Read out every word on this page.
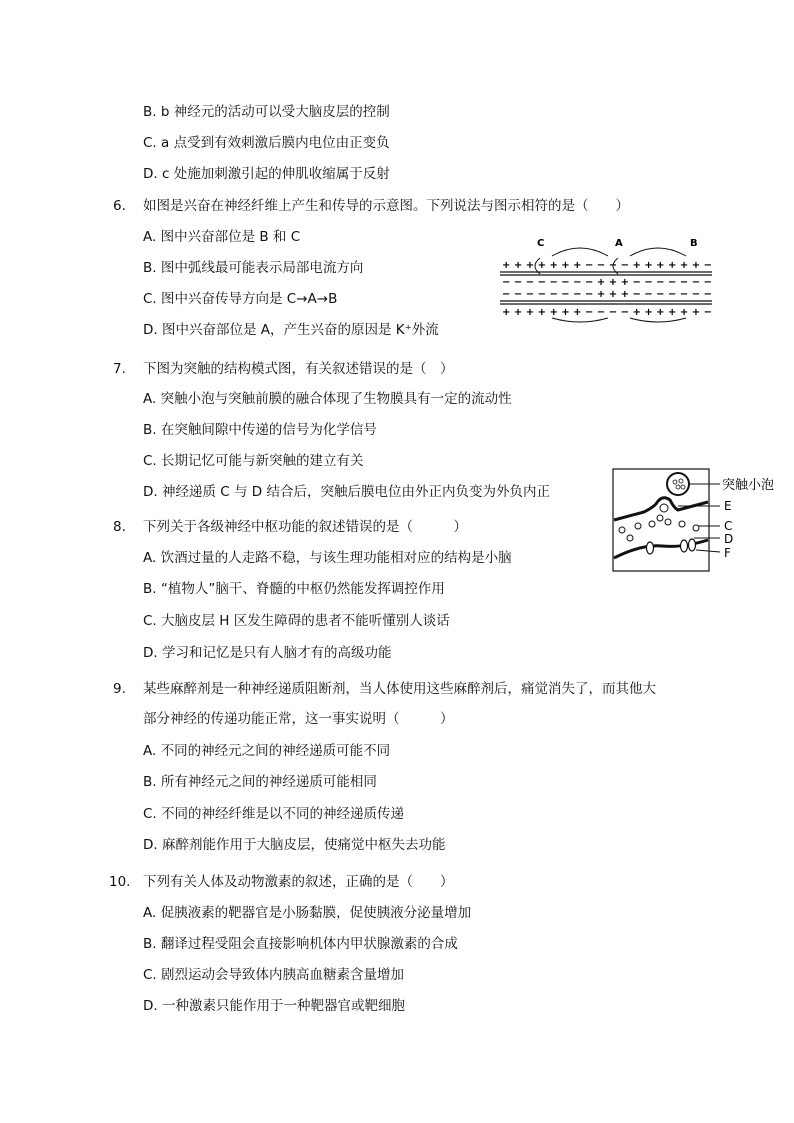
B. b 神经元的活动可以受大脑皮层的控制
C. a 点受到有效刺激后膜内电位由正变负
D. c 处施加刺激引起的伸肌收缩属于反射
6. 如图是兴奋在神经纤维上产生和传导的示意图。下列说法与图示相符的是（　　）
A. 图中兴奋部位是 B 和 C
B. 图中弧线最可能表示局部电流方向
C. 图中兴奋传导方向是 C→A→B
D. 图中兴奋部位是 A，产生兴奋的原因是 K⁺外流
C	A	B
+ + + + + + + − − − − + + + + + + −
− − − − − − − − + + + − − − − − − −
− − − − − − − − + + + − − − − − − −
+ + + + + + + − − − − + + + + + + −
7. 下图为突触的结构模式图，有关叙述错误的是（　）
A. 突触小泡与突触前膜的融合体现了生物膜具有一定的流动性
B. 在突触间隙中传递的信号为化学信号
C. 长期记忆可能与新突触的建立有关
D. 神经递质 C 与 D 结合后，突触后膜电位由外正内负变为外负内正	突触小泡
E
C
D
F
8. 下列关于各级神经中枢功能的叙述错误的是（　　　）
A. 饮酒过量的人走路不稳，与该生理功能相对应的结构是小脑
B. “植物人”脑干、脊髓的中枢仍然能发挥调控作用
C. 大脑皮层 H 区发生障碍的患者不能听懂别人谈话
D. 学习和记忆是只有人脑才有的高级功能
9. 某些麻醉剂是一种神经递质阻断剂，当人体使用这些麻醉剂后，痛觉消失了，而其他大
部分神经的传递功能正常，这一事实说明（　　　）
A. 不同的神经元之间的神经递质可能不同
B. 所有神经元之间的神经递质可能相同
C. 不同的神经纤维是以不同的神经递质传递
D. 麻醉剂能作用于大脑皮层，使痛觉中枢失去功能
10. 下列有关人体及动物激素的叙述，正确的是（　　）
A. 促胰液素的靶器官是小肠黏膜，促使胰液分泌量增加
B. 翻译过程受阻会直接影响机体内甲状腺激素的合成
C. 剧烈运动会导致体内胰高血糖素含量增加
D. 一种激素只能作用于一种靶器官或靶细胞
